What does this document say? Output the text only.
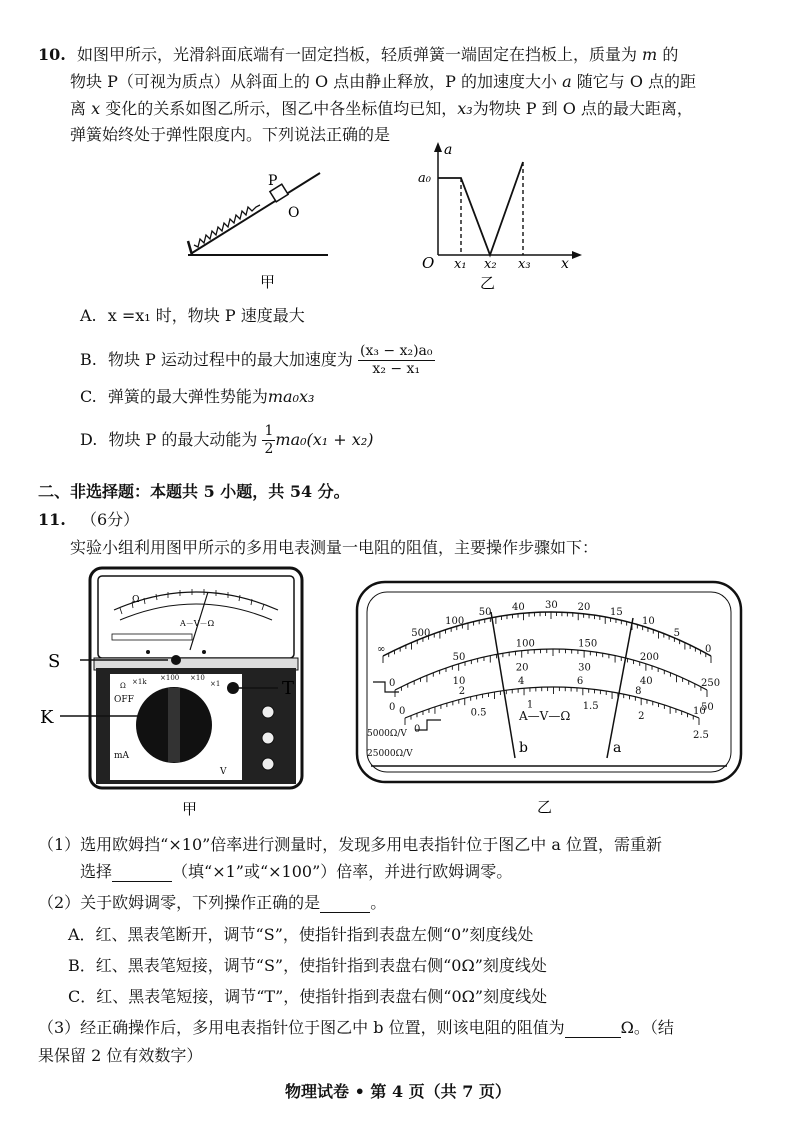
10. 如图甲所示，光滑斜面底端有一固定挡板，轻质弹簧一端固定在挡板上，质量为 m 的
物块 P（可视为质点）从斜面上的 O 点由静止释放，P 的加速度大小 a 随它与 O 点的距
离 x 变化的关系如图乙所示，图乙中各坐标值均已知，x₃为物块 P 到 O 点的最大距离，
弹簧始终处于弹性限度内。下列说法正确的是
P
O
甲
a
a₀
O x₁ x₂ x₃ x
乙
A. x =x₁ 时，物块 P 速度最大
B. 物块 P 运动过程中的最大加速度为 $\frac{\text{(x₃ − x₂)a₀}}{\text{x₂ − x₁}}$
C. 弹簧的最大弹性势能为ma₀x₃
D. 物块 P 的最大动能为 $\frac{1}{2} ma_0(x_1 + x_2)$
二、非选择题：本题共 5 小题，共 54 分。
11. （6分）
实验小组利用图甲所示的多用电表测量一电阻的阻值，主要操作步骤如下：
Ω
A－V－Ω
Ω ×1k ×100 ×10
×1
OFF
mA
V
S
T
K
甲
∞
500
100
50 40 30 20 15
10
5
0
0
50
100	150
200
250
0
10
20	30
40
50
0
2
4	6
8
10
0
0.5
1	1.5
2
2.5
A—V—Ω
b	a
5000Ω/V
25000Ω/V
乙
（1）选用欧姆挡“×10”倍率进行测量时，发现多用电表指针位于图乙中 a 位置，需重新
选择	（填“×1”或“×100”）倍率，并进行欧姆调零。
（2）关于欧姆调零，下列操作正确的是	。
A．红、黑表笔断开，调节“S”，使指针指到表盘左侧“0”刻度线处
B．红、黑表笔短接，调节“S”，使指针指到表盘右侧“0Ω”刻度线处
C．红、黑表笔短接，调节“T”，使指针指到表盘右侧“0Ω”刻度线处
（3）经正确操作后，多用电表指针位于图乙中 b 位置，则该电阻的阻值为	Ω。（结
果保留 2 位有效数字）
物理试卷 • 第 4 页（共 7 页）
